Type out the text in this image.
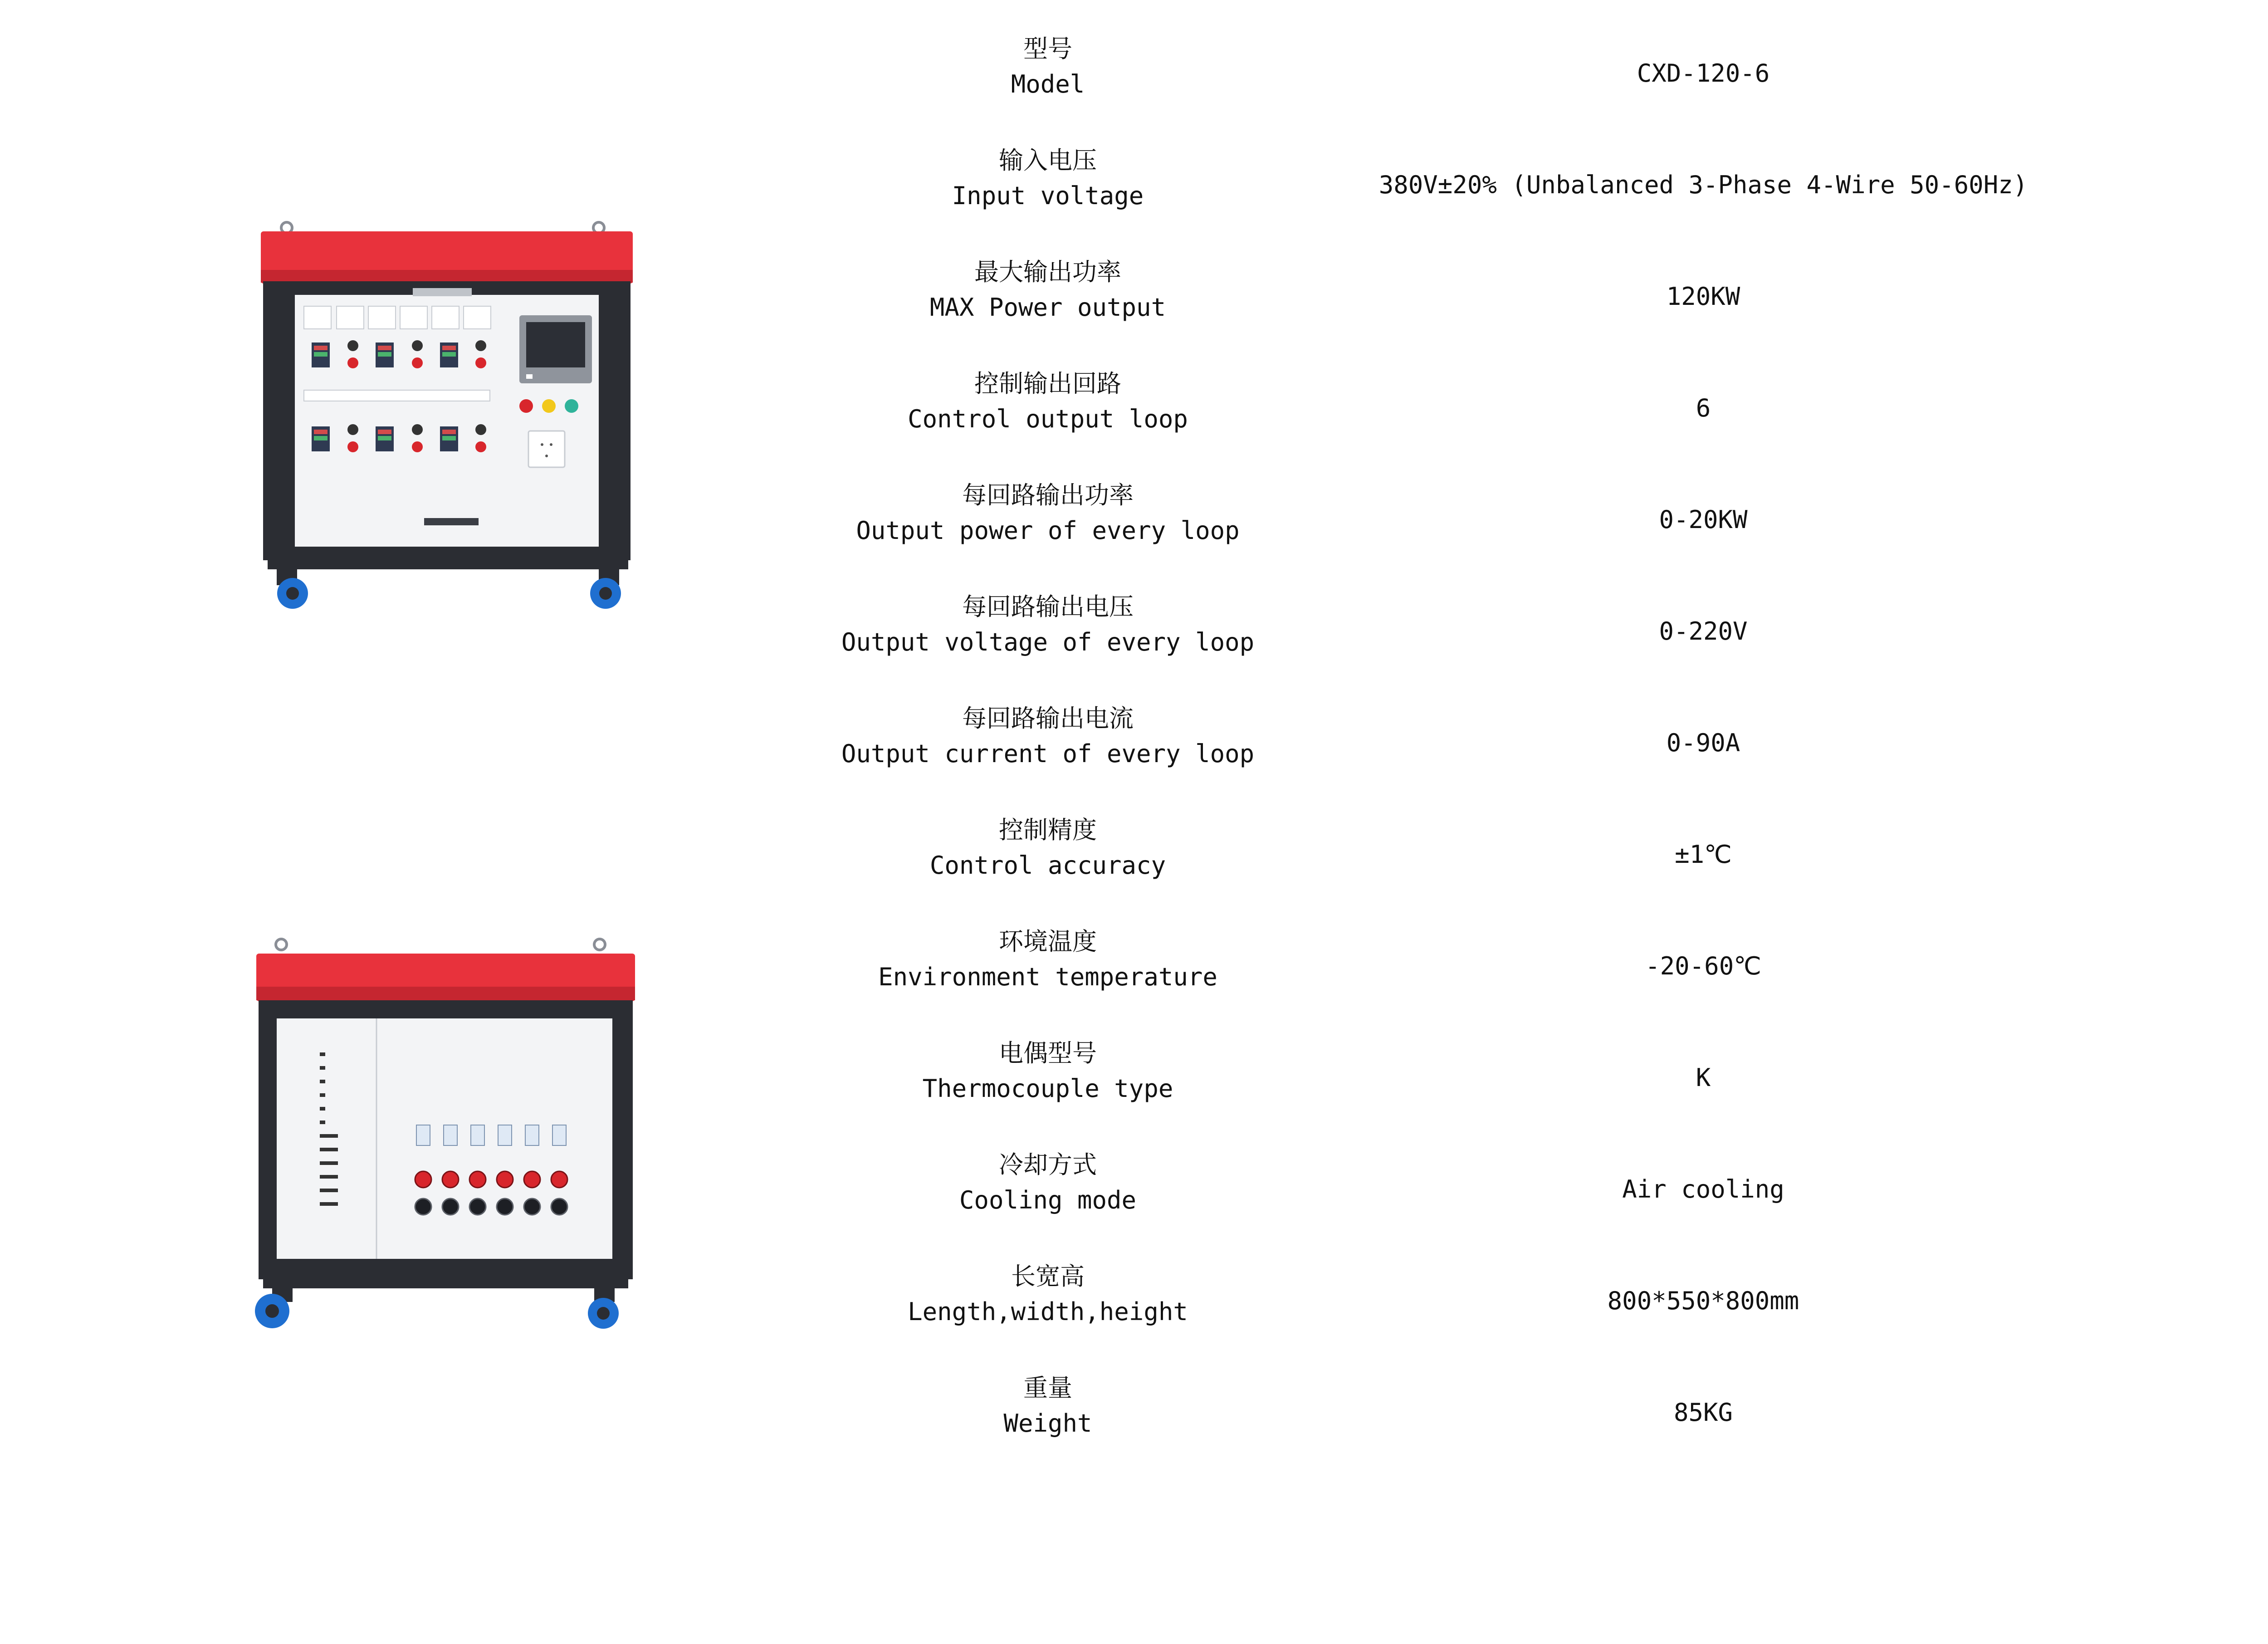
型号
Model	CXD-120-6
输入电压
Input voltage	380V±20% (Unbalanced 3-Phase 4-Wire 50-60Hz)
最大输出功率
MAX Power output	120KW
控制输出回路
Control output loop	6
每回路输出功率
Output power of every loop	0-20KW
每回路输出电压
Output voltage of every loop	0-220V
每回路输出电流
Output current of every loop	0-90A
控制精度
Control accuracy	±1℃
环境温度
Environment temperature	-20-60℃
电偶型号
Thermocouple type	K
冷却方式
Cooling mode	Air cooling
长宽高
Length,width,height	800*550*800mm
重量
Weight	85KG
